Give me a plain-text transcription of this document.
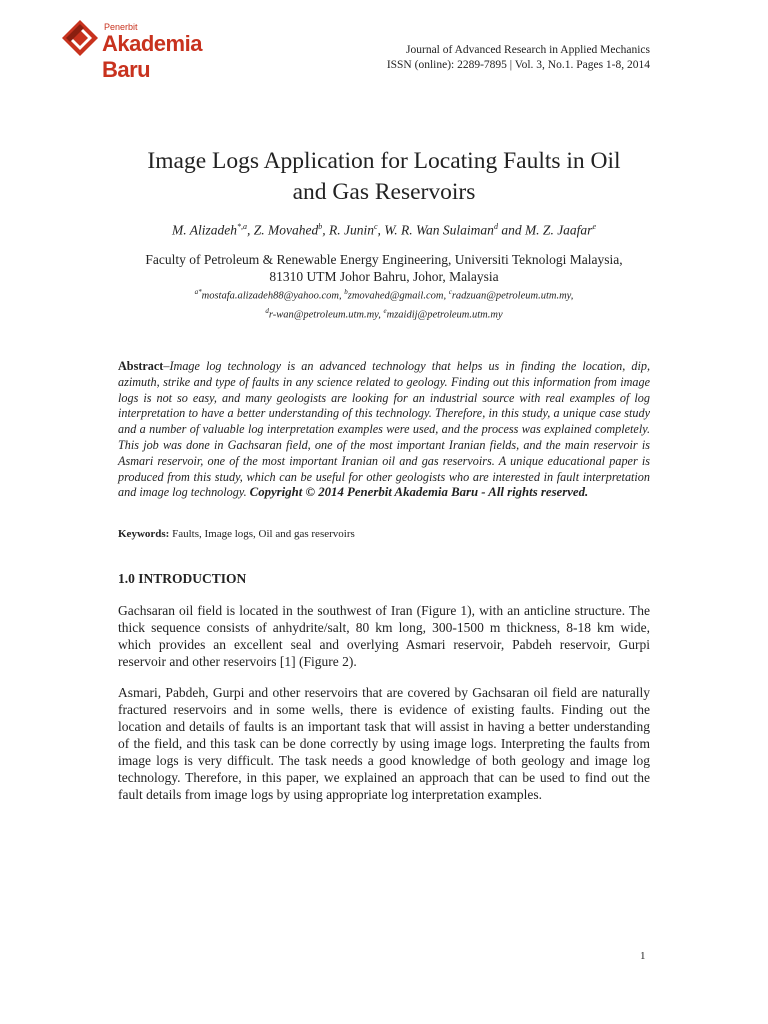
Penerbit
Akademia Baru
Journal of Advanced Research in Applied Mechanics
ISSN (online): 2289-7895 | Vol. 3, No.1. Pages 1-8, 2014
Image Logs Application for Locating Faults in Oil
and Gas Reservoirs
M. Alizadeh$^{*,a}$, Z. Movahed$^b$, R. Junin$^c$, W. R. Wan Sulaiman$^d$ and M. Z. Jaafar$^e$
Faculty of Petroleum & Renewable Energy Engineering, Universiti Teknologi Malaysia,
81310 UTM Johor Bahru, Johor, Malaysia
$^{a*}$mostafa.alizadeh88@yahoo.com, $^b$zmovahed@gmail.com, $^c$radzuan@petroleum.utm.my,
$^d$r-wan@petroleum.utm.my, $^e$mzaidij@petroleum.utm.my
Abstract–Image log technology is an advanced technology that helps us in finding the location, dip, azimuth, strike and type of faults in any science related to geology. Finding out this information from image logs is not so easy, and many geologists are looking for an industrial source with real examples of log interpretation to have a better understanding of this technology. Therefore, in this study, a unique case study and a number of valuable log interpretation examples were used, and the process was explained completely. This job was done in Gachsaran field, one of the most important Iranian fields, and the main reservoir is Asmari reservoir, one of the most important Iranian oil and gas reservoirs. A unique educational paper is produced from this study, which can be useful for other geologists who are interested in fault interpretation and image log technology. Copyright © 2014 Penerbit Akademia Baru - All rights reserved.
Keywords: Faults, Image logs, Oil and gas reservoirs
1.0 INTRODUCTION
Gachsaran oil field is located in the southwest of Iran (Figure 1), with an anticline structure. The thick sequence consists of anhydrite/salt, 80 km long, 300-1500 m thickness, 8-18 km wide, which provides an excellent seal and overlying Asmari reservoir, Pabdeh reservoir, Gurpi reservoir and other reservoirs [1] (Figure 2).
Asmari, Pabdeh, Gurpi and other reservoirs that are covered by Gachsaran oil field are naturally fractured reservoirs and in some wells, there is evidence of existing faults. Finding out the location and details of faults is an important task that will assist in having a better understanding of the field, and this task can be done correctly by using image logs. Interpreting the faults from image logs is very difficult. The task needs a good knowledge of both geology and image log technology. Therefore, in this paper, we explained an approach that can be used to find out the fault details from image logs by using appropriate log interpretation examples.
1
